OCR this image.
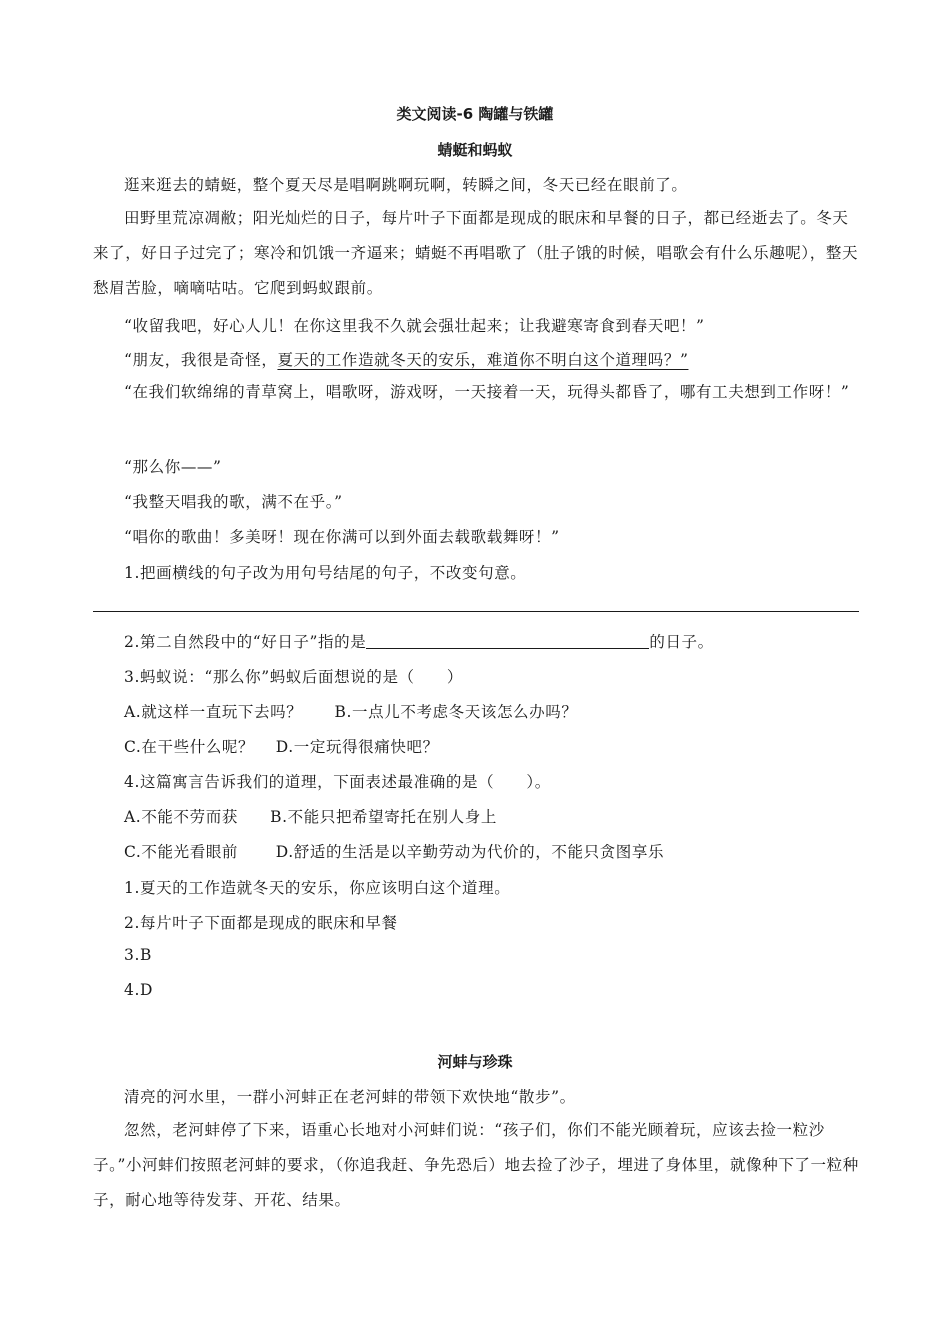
类文阅读-6 陶罐与铁罐
蜻蜓和蚂蚁
逛来逛去的蜻蜓，整个夏天尽是唱啊跳啊玩啊，转瞬之间，冬天已经在眼前了。
田野里荒凉凋敝；阳光灿烂的日子，每片叶子下面都是现成的眠床和早餐的日子，都已经逝去了。冬天来了，好日子过完了；寒冷和饥饿一齐逼来；蜻蜓不再唱歌了（肚子饿的时候，唱歌会有什么乐趣呢），整天愁眉苦脸，嘀嘀咕咕。它爬到蚂蚁跟前。
“收留我吧，好心人儿！在你这里我不久就会强壮起来；让我避寒寄食到春天吧！”
“朋友，我很是奇怪，夏天的工作造就冬天的安乐，难道你不明白这个道理吗？”
“在我们软绵绵的青草窝上，唱歌呀，游戏呀，一天接着一天，玩得头都昏了，哪有工夫想到工作呀！”
“那么你——”
“我整天唱我的歌，满不在乎。”
“唱你的歌曲！多美呀！现在你满可以到外面去载歌载舞呀！”
1.把画横线的句子改为用句号结尾的句子，不改变句意。
2.第二自然段中的“好日子”指的是	的日子。
3.蚂蚁说：“那么你”蚂蚁后面想说的是（　　）
A.就这样一直玩下去吗？　　B.一点儿不考虑冬天该怎么办吗？
C.在干些什么呢？　 D.一定玩得很痛快吧？
4.这篇寓言告诉我们的道理，下面表述最准确的是（　　）。
A.不能不劳而获　　B.不能只把希望寄托在别人身上
C.不能光看眼前　　 D.舒适的生活是以辛勤劳动为代价的，不能只贪图享乐
1.夏天的工作造就冬天的安乐，你应该明白这个道理。
2.每片叶子下面都是现成的眠床和早餐
3.B
4.D
河蚌与珍珠
清亮的河水里，一群小河蚌正在老河蚌的带领下欢快地“散步”。
忽然，老河蚌停了下来，语重心长地对小河蚌们说：“孩子们，你们不能光顾着玩，应该去捡一粒沙子。”小河蚌们按照老河蚌的要求，（你追我赶、争先恐后）地去捡了沙子，埋进了身体里，就像种下了一粒种子，耐心地等待发芽、开花、结果。
